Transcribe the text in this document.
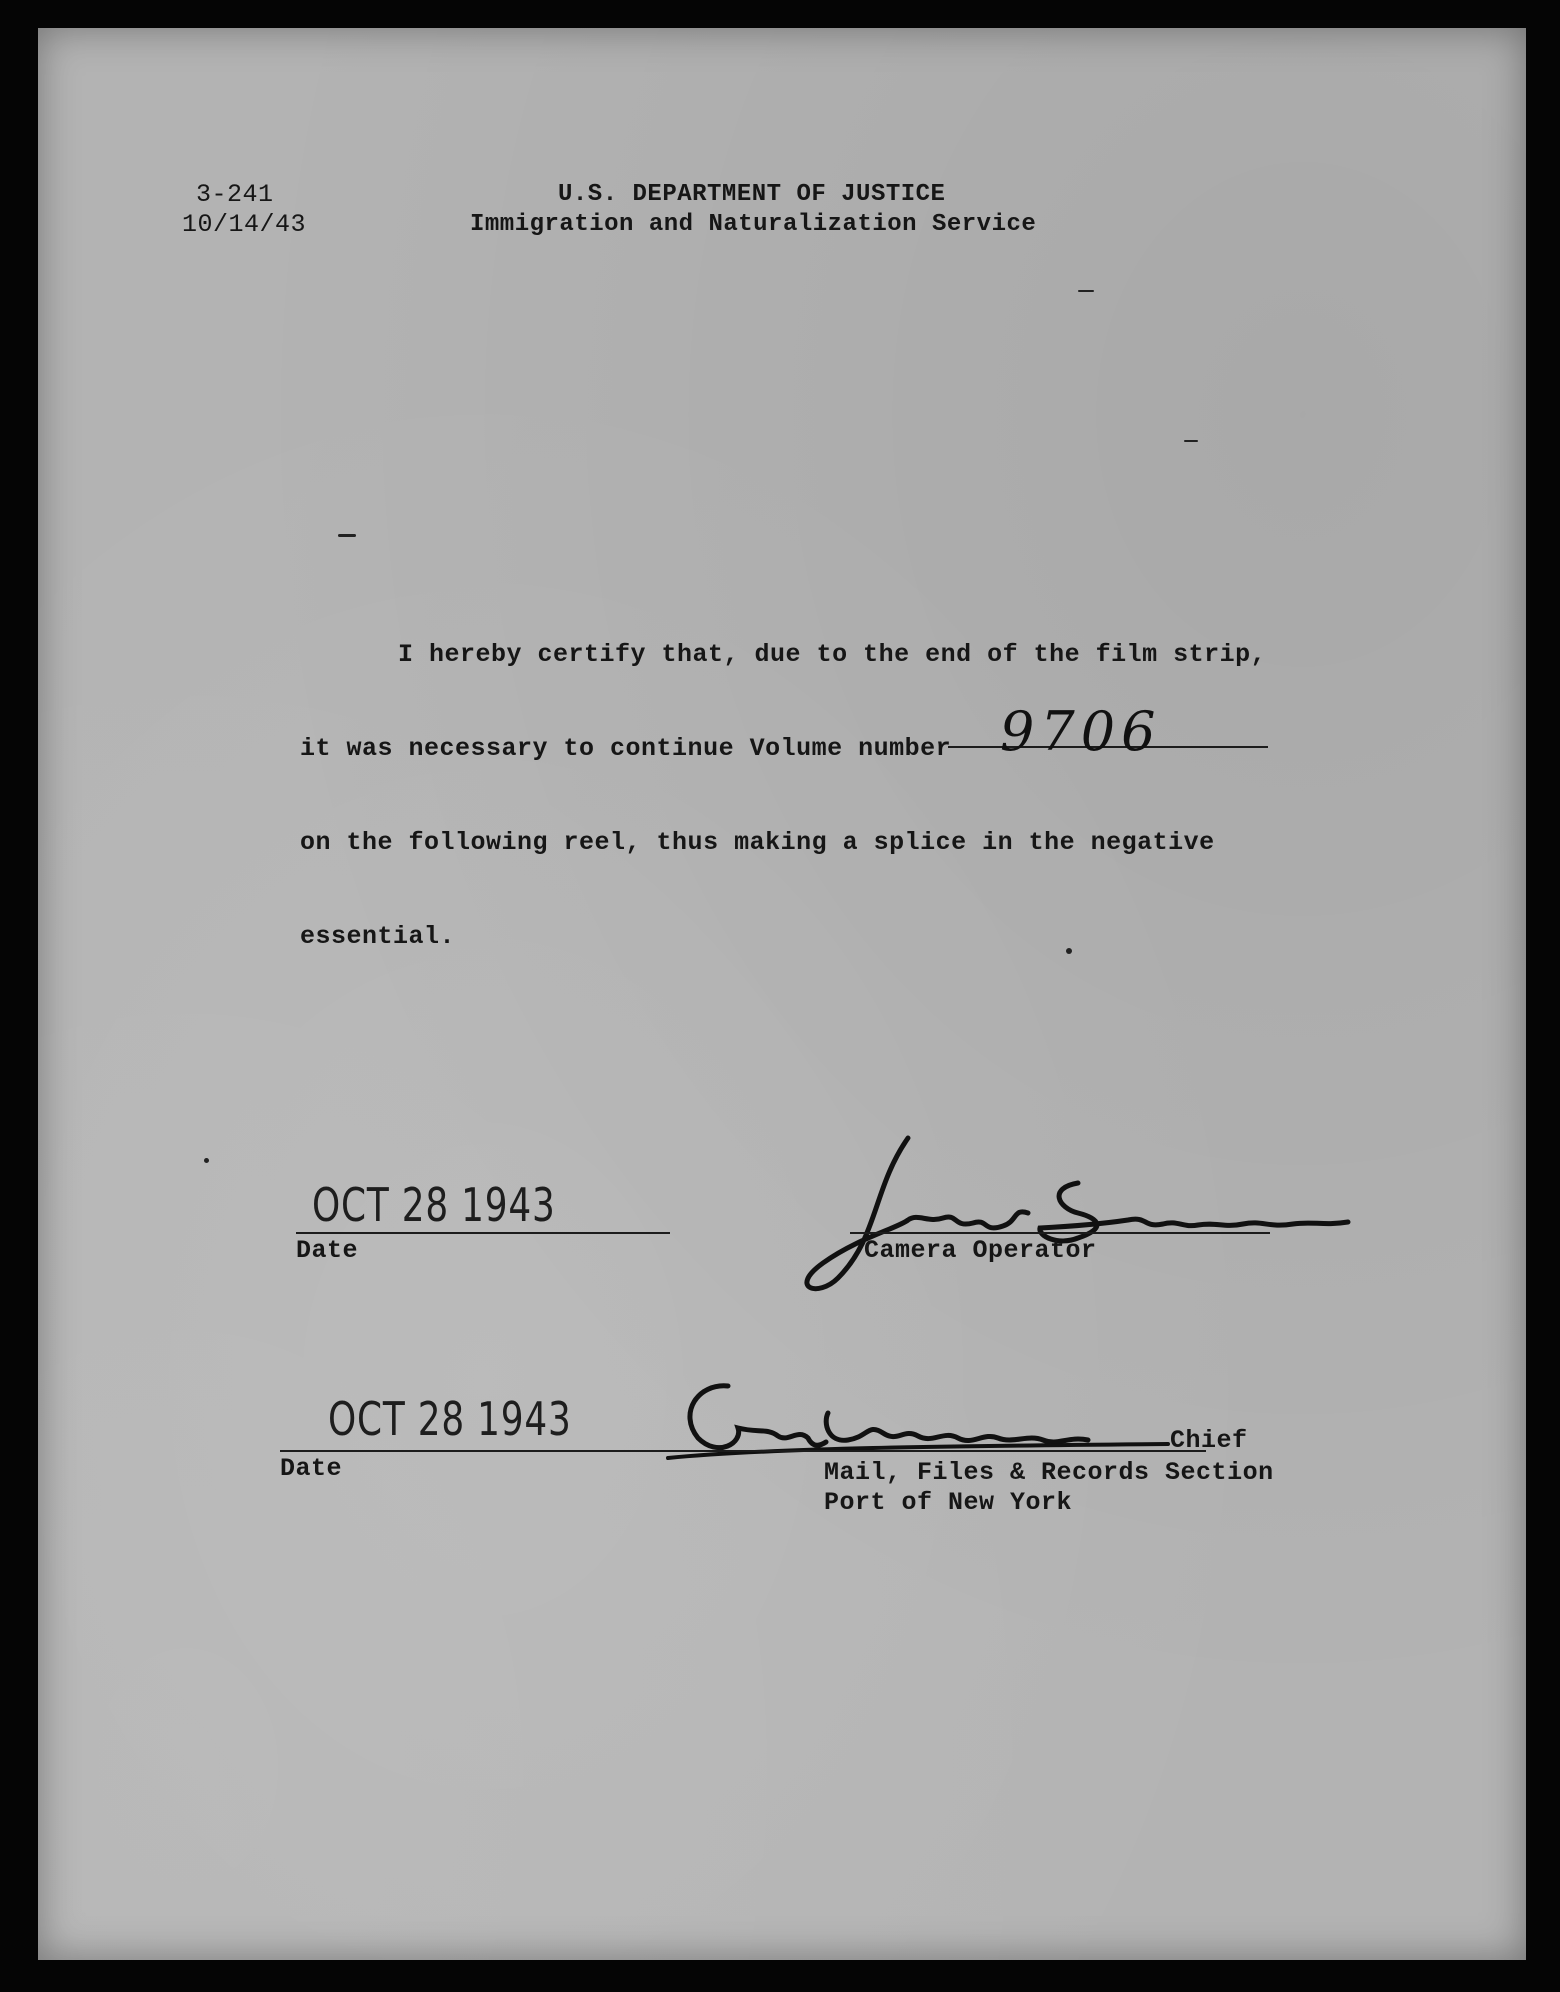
3-241
10/14/43
U.S. DEPARTMENT OF JUSTICE
Immigration and Naturalization Service
I hereby certify that, due to the end of the film strip,
it was necessary to continue Volume number 9706
on the following reel, thus making a splice in the negative
essential.
OCT 28 1943
Date	Camera Operator
OCT 28 1943
Date
Chief
Mail, Files & Records Section
Port of New York
